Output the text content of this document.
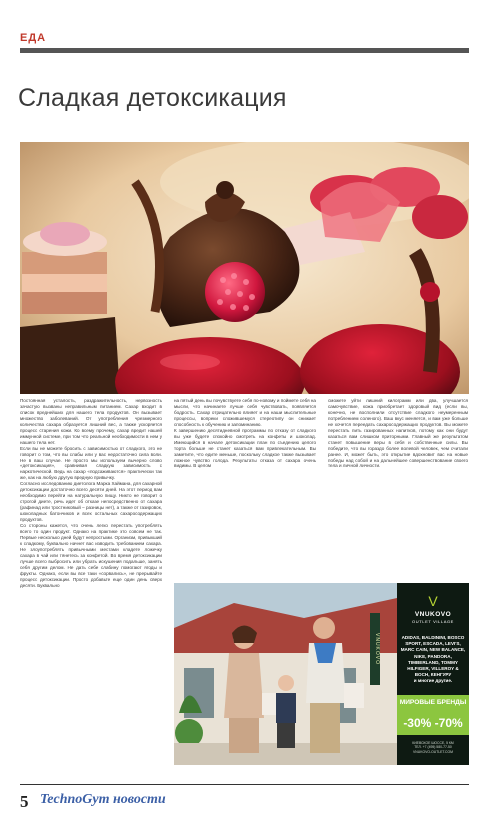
ЕДА
Сладкая детоксикация
Постоянная усталость, раздражительность, нервозность зачастую вызваны неправильным питанием. Сахар входит в список вреднейших для нашего тела продуктов. Он вызывает множество заболеваний. От употребления чрезмерного количества сахара образуется лишний вес, а также ускоряется процесс старения кожи. Ко всему прочему, сахар вредит нашей иммунной системе, при том что реальной необходимости в нем у нашего тела нет.
Если вы не можете бросить с зависимостью от сладкого, это не говорит о том, что вы слабы или у вас недостаточно сила воли. Не в ваш случае. Не просто мы используем вычерно слово «детоксикация», сравнивая сладкую зависимость с наркотической. Ведь на сахар «подсаживаются» практически так же, как на любую другую вредную привычку.
Согласно исследованию диетолога Марка Хаймана, для сахарной детоксикации достаточно всего десяти дней. На этот период вам необходимо перейти на натуральную пищу. Никто не говорит о строгой диете, речь идет об отказе непосредственно от сахара (рафинад или тростниковый – разницы нет), а также от газировок, шоколадных батончиков и всех остальных сахаросодержащих продуктов.
Со стороны кажется, что очень легко перестать употреблять всего то один продукт. Однако на практике это совсем не так. Первые несколько дней будут непростыми. Организм, привыкший к сладкому, буквально начнет вас изводить требованием сахара. Не злоупотреблять привычными местами кладете ложечку сахара в чай или тянетесь за конфетой. Во время детоксикации лучше всего выбросить или убрать искушения подальше, занять себя другим делом. Не дать себе слабину помогают ягоды и фрукты. Однако, если вы все таки «сорвались», не прерывайте процесс детоксикации. Просто добавьте еще один день сверх десяти. Буквально
на пятый день вы почувствуете себя по-новому и поймете себя на мысли, что начинаете лучше себя чувствовать, появляется бодрость. Сахар отрицательно влияет и на наши мыслительные процессы, вопреки сложившемуся стереотипу он снижает способность к обучению и запоминанию.
К завершению десятидневной программы по отказу от сладкого вы уже будете спокойно смотреть на конфеты и шоколад. Имеющийся в начале детоксикации план по съедению целого торта больше не станет казаться вам привлекательным. Вы заметите, что едите меньше, поскольку сладкое также вызывает ложное чувство голода. Результаты отказа от сахара очень видимы. В целом
сможете уйти лишний килограмм или два, улучшается самочувствие, кожа приобретает здоровый вид (если вы, конечно, не восполнили отсутствие сладкого неумеренным потреблением соленого). Ваш вкус меняется, и вам уже больше не хочется переедать сахаросодержащих продуктов. Вы можете перестать пить газированных напитков, потому как они будут казаться вам слишком приторными. Главный же результатом станет повышение веры в себя и собственные силы. Вы победите, что вы гораздо более волевой человек, чем считали ранее. И, может быть, это открытие вдохновит вас на новые победы над собой и на дальнейшее совершенствование своего тела и личной личности.
VNUKOVO
V
VNUKOVO
OUTLET VILLAGE
ADIDAS, BALDININI, BOSCO SPORT, ESCADA, LEVI'S, MARC CAIN, NEW BALANCE, NIKE, PANDORA, TIMBERLAND, TOMMY HILFIGER, VILLEROY & BOCH, КЕНГУРУ
и многие другие.
МИРОВЫЕ БРЕНДЫ
-30% -70%
КИЕВСКОЕ ШОССЕ, 5 КМ
ТЕЛ. +7 (495) 580-77-50
VNUKOVO-OUTLET.COM
5 TechnoGym новости
